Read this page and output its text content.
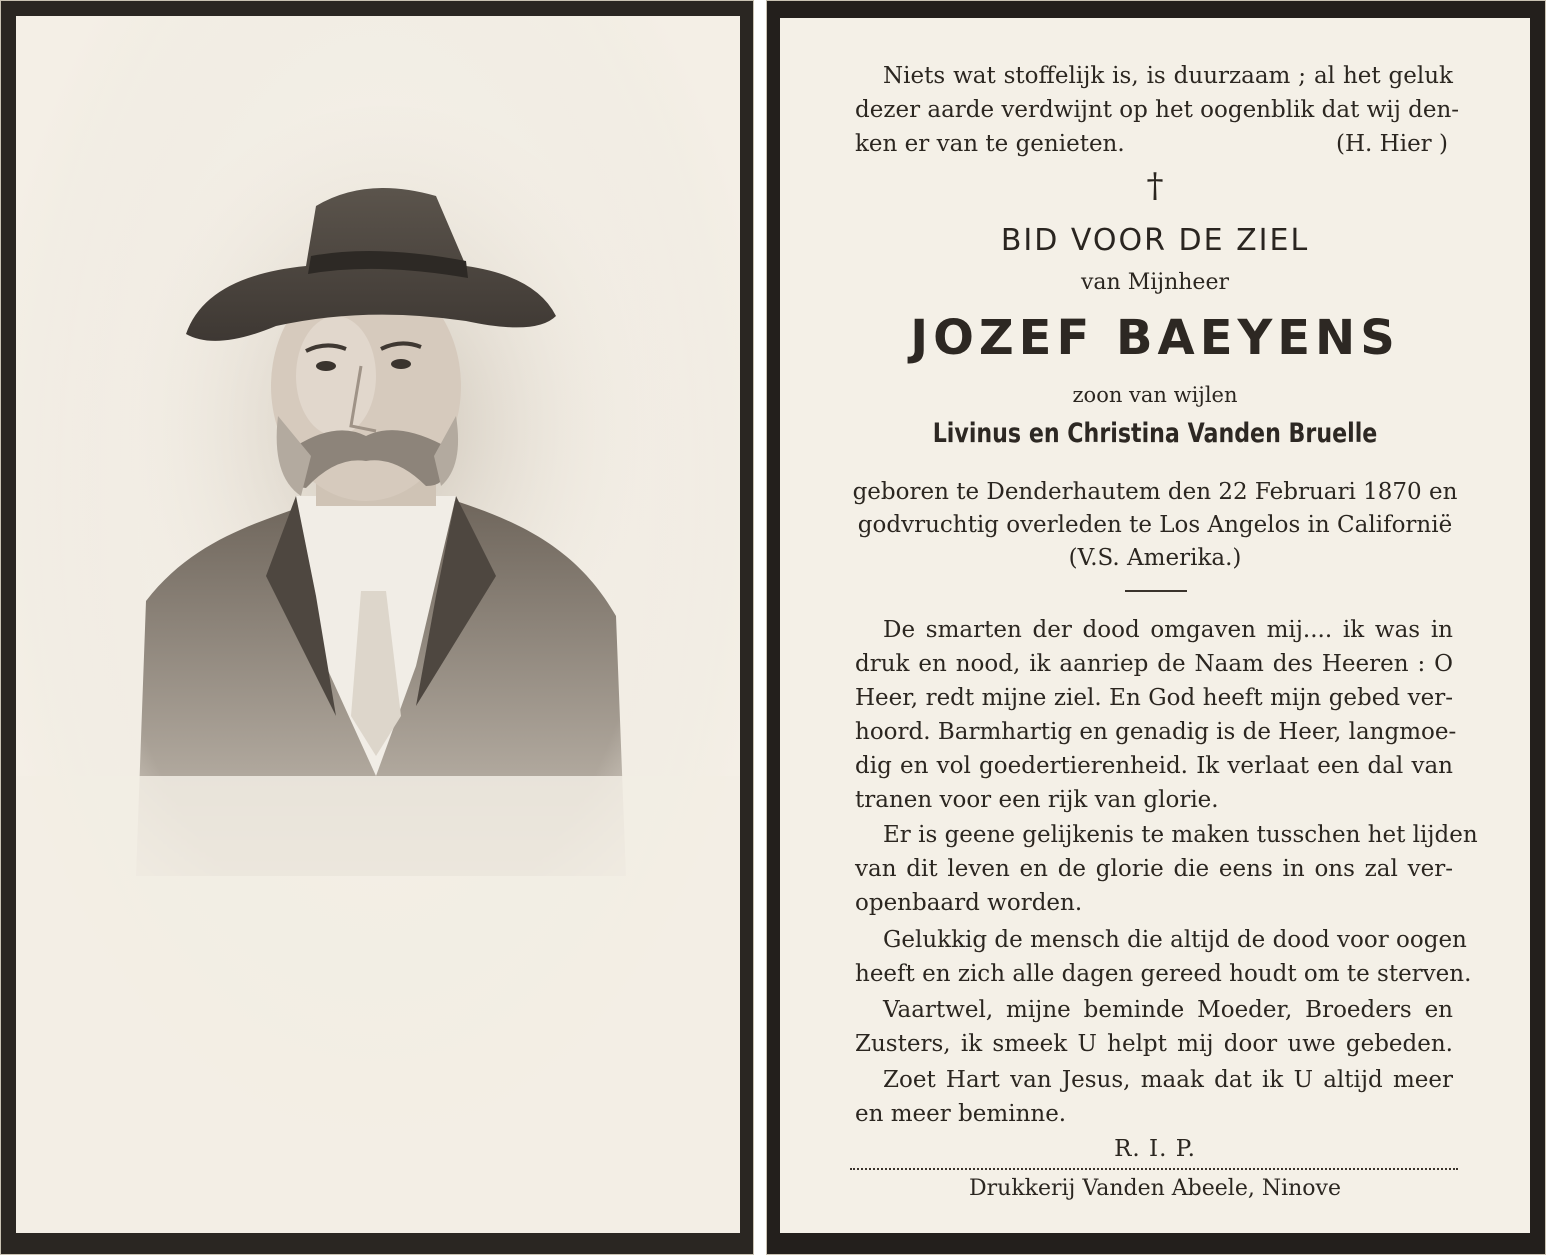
Niets wat stoffelijk is, is duurzaam ; al het geluk
dezer aarde verdwijnt op het oogenblik dat wij den-
ken er van te genieten.	(H. Hier )
†
BID VOOR DE ZIEL
van Mijnheer
JOZEF BAEYENS
zoon van wijlen
Livinus en Christina Vanden Bruelle
geboren te Denderhautem den 22 Februari 1870 en
godvruchtig overleden te Los Angelos in Californië
(V.S. Amerika.)
De smarten der dood omgaven mij.... ik was in
druk en nood, ik aanriep de Naam des Heeren : O
Heer, redt mijne ziel. En God heeft mijn gebed ver-
hoord. Barmhartig en genadig is de Heer, langmoe-
dig en vol goedertierenheid. Ik verlaat een dal van
tranen voor een rijk van glorie.
Er is geene gelijkenis te maken tusschen het lijden
van dit leven en de glorie die eens in ons zal ver-
openbaard worden.
Gelukkig de mensch die altijd de dood voor oogen
heeft en zich alle dagen gereed houdt om te sterven.
Vaartwel, mijne beminde Moeder, Broeders en
Zusters, ik smeek U helpt mij door uwe gebeden.
Zoet Hart van Jesus, maak dat ik U altijd meer
en meer beminne.
R. I. P.
Drukkerij Vanden Abeele, Ninove
